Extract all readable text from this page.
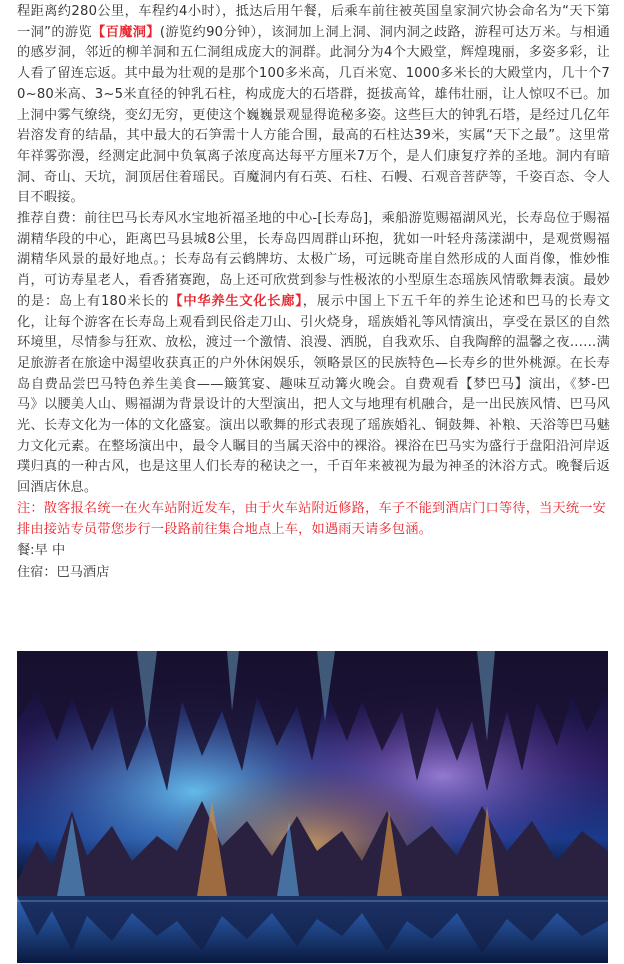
程距离约280公里，车程约4小时），抵达后用午餐，后乘车前往被英国皇家洞穴协会命名为“天下第一洞”的游览【百魔洞】(游览约90分钟），该洞加上洞上洞、洞内洞之歧路，游程可达万米。与相通的感岁洞，邻近的柳羊洞和五仁洞组成庞大的洞群。此洞分为4个大殿堂，辉煌瑰丽，多姿多彩，让人看了留连忘返。其中最为壮观的是那个100多米高，几百米宽、1000多米长的大殿堂内，几十个70~80米高、3~5米直径的钟乳石柱，构成庞大的石塔群，挺拔高耸，雄伟壮丽，让人惊叹不已。加上洞中雾气缭绕，变幻无穷，更使这个巍巍景观显得诡秘多姿。这些巨大的钟乳石塔，是经过几亿年岩溶发育的结晶，其中最大的石笋需十人方能合围，最高的石柱达39米，实属“天下之最”。这里常年祥雾弥漫，经测定此洞中负氧离子浓度高达每平方厘米7万个，是人们康复疗养的圣地。洞内有暗洞、奇山、天坑，洞顶居住着瑶民。百魔洞内有石英、石柱、石幔、石观音菩萨等，千姿百态、令人目不暇接。

推荐自费：前往巴马长寿风水宝地祈福圣地的中心-[长寿岛]，乘船游览赐福湖风光，长寿岛位于赐福湖精华段的中心，距离巴马县城8公里，长寿岛四周群山环抱，犹如一叶轻舟荡漾湖中，是观赏赐福湖精华风景的最好地点。；长寿岛有云鹤牌坊、太极广场，可远眺奇崖自然形成的人面肖像，惟妙惟肖，可访寿星老人，看香猪赛跑，岛上还可欣赏到参与性极浓的小型原生态瑶族风情歌舞表演。最妙的是：岛上有180米长的【中华养生文化长廊】，展示中国上下五千年的养生论述和巴马的长寿文化，让每个游客在长寿岛上观看到民俗走刀山、引火烧身，瑶族婚礼等风情演出，享受在景区的自然环境里，尽情参与狂欢、放松，渡过一个激情、浪漫、洒脱，自我欢乐、自我陶醉的温馨之夜……满足旅游者在旅途中渴望收获真正的户外休闲娱乐，领略景区的民族特色—长寿乡的世外桃源。在长寿岛自费品尝巴马特色养生美食——簸箕宴、趣味互动篝火晚会。自费观看【梦巴马】演出，《梦-巴马》以腰美人山、赐福湖为背景设计的大型演出，把人文与地理有机融合，是一出民族风情、巴马风光、长寿文化为一体的文化盛宴。演出以歌舞的形式表现了瑶族婚礼、铜鼓舞、补粮、天浴等巴马魅力文化元素。在整场演出中，最令人瞩目的当属天浴中的裸浴。裸浴在巴马实为盛行于盘阳沿河岸返璞归真的一种古风，也是这里人们长寿的秘诀之一，千百年来被视为最为神圣的沐浴方式。晚餐后返回酒店休息。

注：散客报名统一在火车站附近发车，由于火车站附近修路，车子不能到酒店门口等待，当天统一安排由接站专员带您步行一段路前往集合地点上车，如遇雨天请多包涵。

餐:早 中

住宿：巴马酒店
